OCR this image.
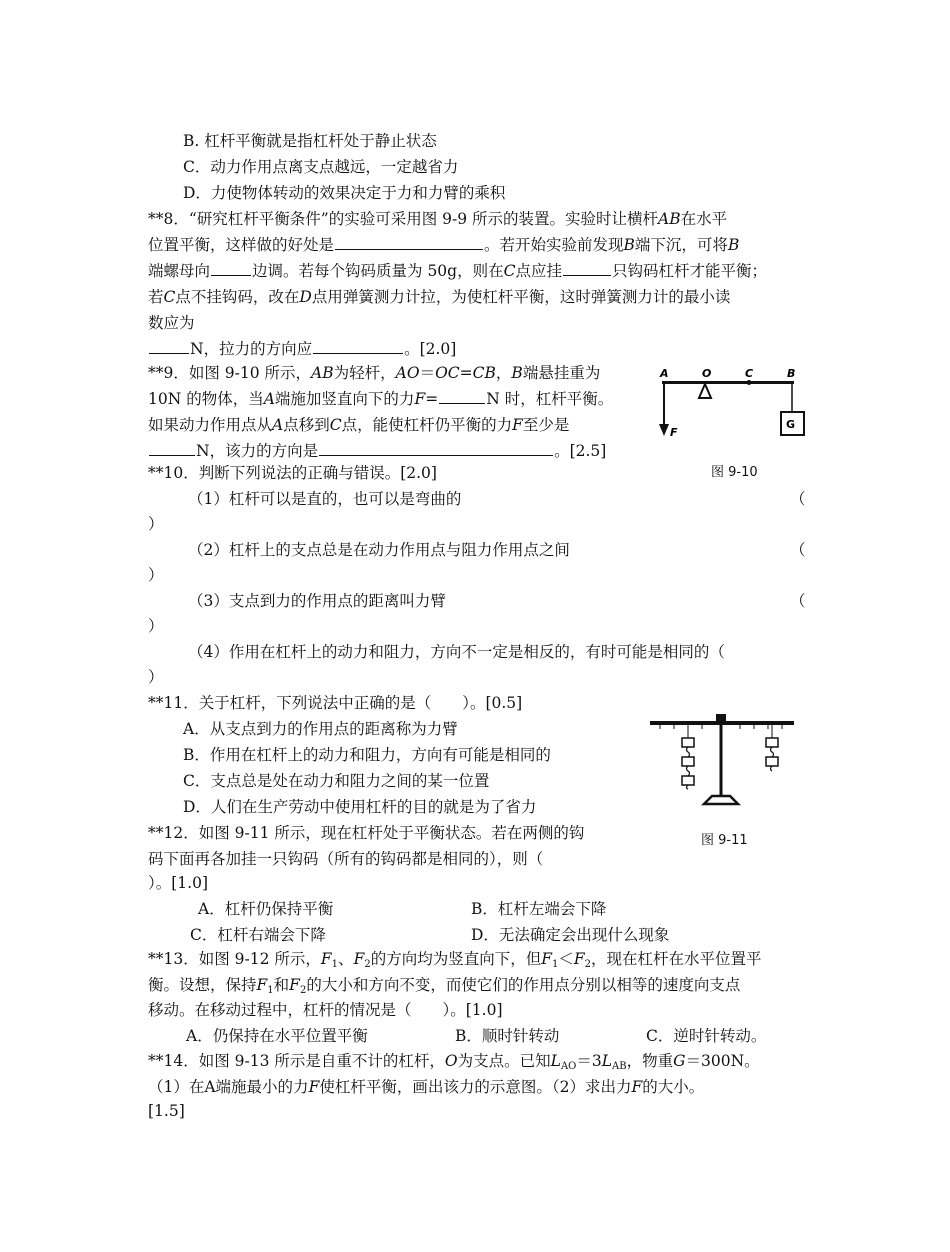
B. 杠杆平衡就是指杠杆处于静止状态
C．动力作用点离支点越远，一定越省力
D．力使物体转动的效果决定于力和力臂的乘积
**8．“研究杠杆平衡条件”的实验可采用图 9-9 所示的装置。实验时让横杆AB在水平
位置平衡，这样做的好处是	。若开始实验前发现B端下沉，可将B
端螺母向	边调。若每个钩码质量为 50g，则在C点应挂	只钩码杠杆才能平衡；
若C点不挂钩码，改在D点用弹簧测力计拉，为使杠杆平衡，这时弹簧测力计的最小读
数应为
N，拉力的方向应	。[2.0]
**9．如图 9-10 所示，AB为轻杆，AO＝OC=CB，B端悬挂重为
10N 的物体，当A端施加竖直向下的力F=	N 时，杠杆平衡。
如果动力作用点从A点移到C点，能使杠杆仍平衡的力F至少是
N，该力的方向是	。[2.5]
A	O	C	B
F
G
图 9-10
**10．判断下列说法的正确与错误。[2.0]
（1）杠杆可以是直的，也可以是弯曲的	（
）
（2）杠杆上的支点总是在动力作用点与阻力作用点之间	（
）
（3）支点到力的作用点的距离叫力臂	（
）
（4）作用在杠杆上的动力和阻力，方向不一定是相反的，有时可能是相同的（
）
**11．关于杠杆，下列说法中正确的是（　　）。[0.5]
A．从支点到力的作用点的距离称为力臂
B．作用在杠杆上的动力和阻力，方向有可能是相同的
C．支点总是处在动力和阻力之间的某一位置
D．人们在生产劳动中使用杠杆的目的就是为了省力
图 9-11
**12．如图 9-11 所示，现在杠杆处于平衡状态。若在两侧的钩
码下面再各加挂一只钩码（所有的钩码都是相同的），则（
）。[1.0]
A．杠杆仍保持平衡	B．杠杆左端会下降
C．杠杆右端会下降	D．无法确定会出现什么现象
**13．如图 9-12 所示，$F_1$、$F_2$的方向均为竖直向下，但$F_1<F_2$，现在杠杆在水平位置平
衡。设想，保持$F_1$和$F_2$的大小和方向不变，而使它们的作用点分别以相等的速度向支点
移动。在移动过程中，杠杆的情况是（　　）。[1.0]
A．仍保持在水平位置平衡	B．顺时针转动	C．逆时针转动。
**14．如图 9-13 所示是自重不计的杠杆，O为支点。已知$L_{AO}=3L_{AB}$，物重G＝300N。
（1）在A端施最小的力F使杠杆平衡，画出该力的示意图。（2）求出力F的大小。
[1.5]
